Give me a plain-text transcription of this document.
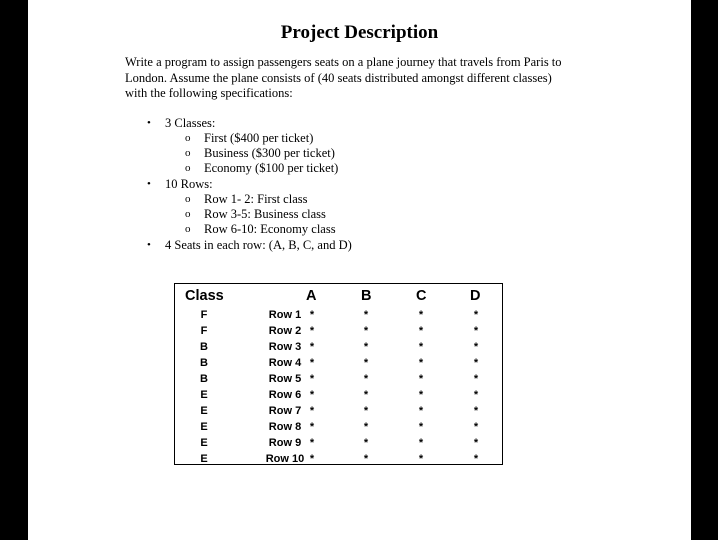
Project Description
Write a program to assign passengers seats on a plane journey that travels from Paris to
London. Assume the plane consists of (40 seats distributed amongst different classes)
with the following specifications:
• 3 Classes:
o First ($400 per ticket)
o Business ($300 per ticket)
o Economy ($100 per ticket)
• 10 Rows:
o Row 1- 2: First class
o Row 3-5: Business class
o Row 6-10: Economy class
• 4 Seats in each row: (A, B, C, and D)
Class	A	B	C	D
F	Row 1 *	*	*	*
F	Row 2 *	*	*	*
B	Row 3 *	*	*	*
B	Row 4 *	*	*	*
B	Row 5 *	*	*	*
E	Row 6 *	*	*	*
E	Row 7 *	*	*	*
E	Row 8 *	*	*	*
E	Row 9 *	*	*	*
E	Row 10 *	*	*	*
